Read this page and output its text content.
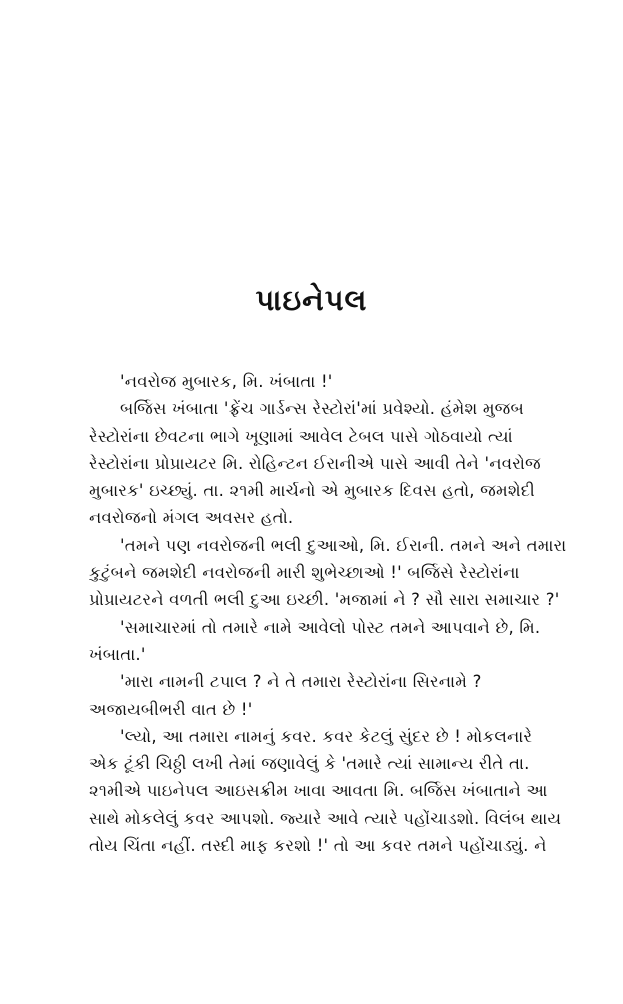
પાઇનેપલ
'નવરોજ મુબારક, મિ. ખંબાતા !'
બર્જિસ ખંબાતા 'ફ્રેંચ ગાર્ડન્સ રેસ્ટોરાં'માં પ્રવેશ્યો. હંમેશ મુજબ
રેસ્ટોરાંના છેવટના ભાગે ખૂણામાં આવેલ ટેબલ પાસે ગોઠવાયો ત્યાં
રેસ્ટોરાંના પ્રોપ્રાયટર મિ. રોહિન્ટન ઈરાનીએ પાસે આવી તેને 'નવરોજ
મુબારક' ઇચ્છ્યું. તા. ૨૧મી માર્ચનો એ મુબારક દિવસ હતો, જમશેદી
નવરોજનો મંગલ અવસર હતો.
'તમને પણ નવરોજની ભલી દુઆઓ, મિ. ઈરાની. તમને અને તમારા
કુટુંબને જમશેદી નવરોજની મારી શુભેચ્છાઓ !' બર્જિસે રેસ્ટોરાંના
પ્રોપ્રાયટરને વળતી ભલી દુઆ ઇચ્છી. 'મજામાં ને ? સૌ સારા સમાચાર ?'
'સમાચારમાં તો તમારે નામે આવેલો પોસ્ટ તમને આપવાને છે, મિ.
ખંબાતા.'
'મારા નામની ટપાલ ? ને તે તમારા રેસ્ટોરાંના સિરનામે ?
અજાયબીભરી વાત છે !'
'લ્યો, આ તમારા નામનું કવર. કવર કેટલું સુંદર છે ! મોકલનારે
એક ટૂંકી ચિઠ્ઠી લખી તેમાં જણાવેલું કે 'તમારે ત્યાં સામાન્ય રીતે તા.
૨૧મીએ પાઇનેપલ આઇસક્રીમ ખાવા આવતા મિ. બર્જિસ ખંબાતાને આ
સાથે મોકલેલું કવર આપશો. જ્યારે આવે ત્યારે પહોંચાડશો. વિલંબ થાય
તોય ચિંતા નહીં. તસ્દી માફ કરશો !' તો આ કવર તમને પહોંચાડ્યું. ને
